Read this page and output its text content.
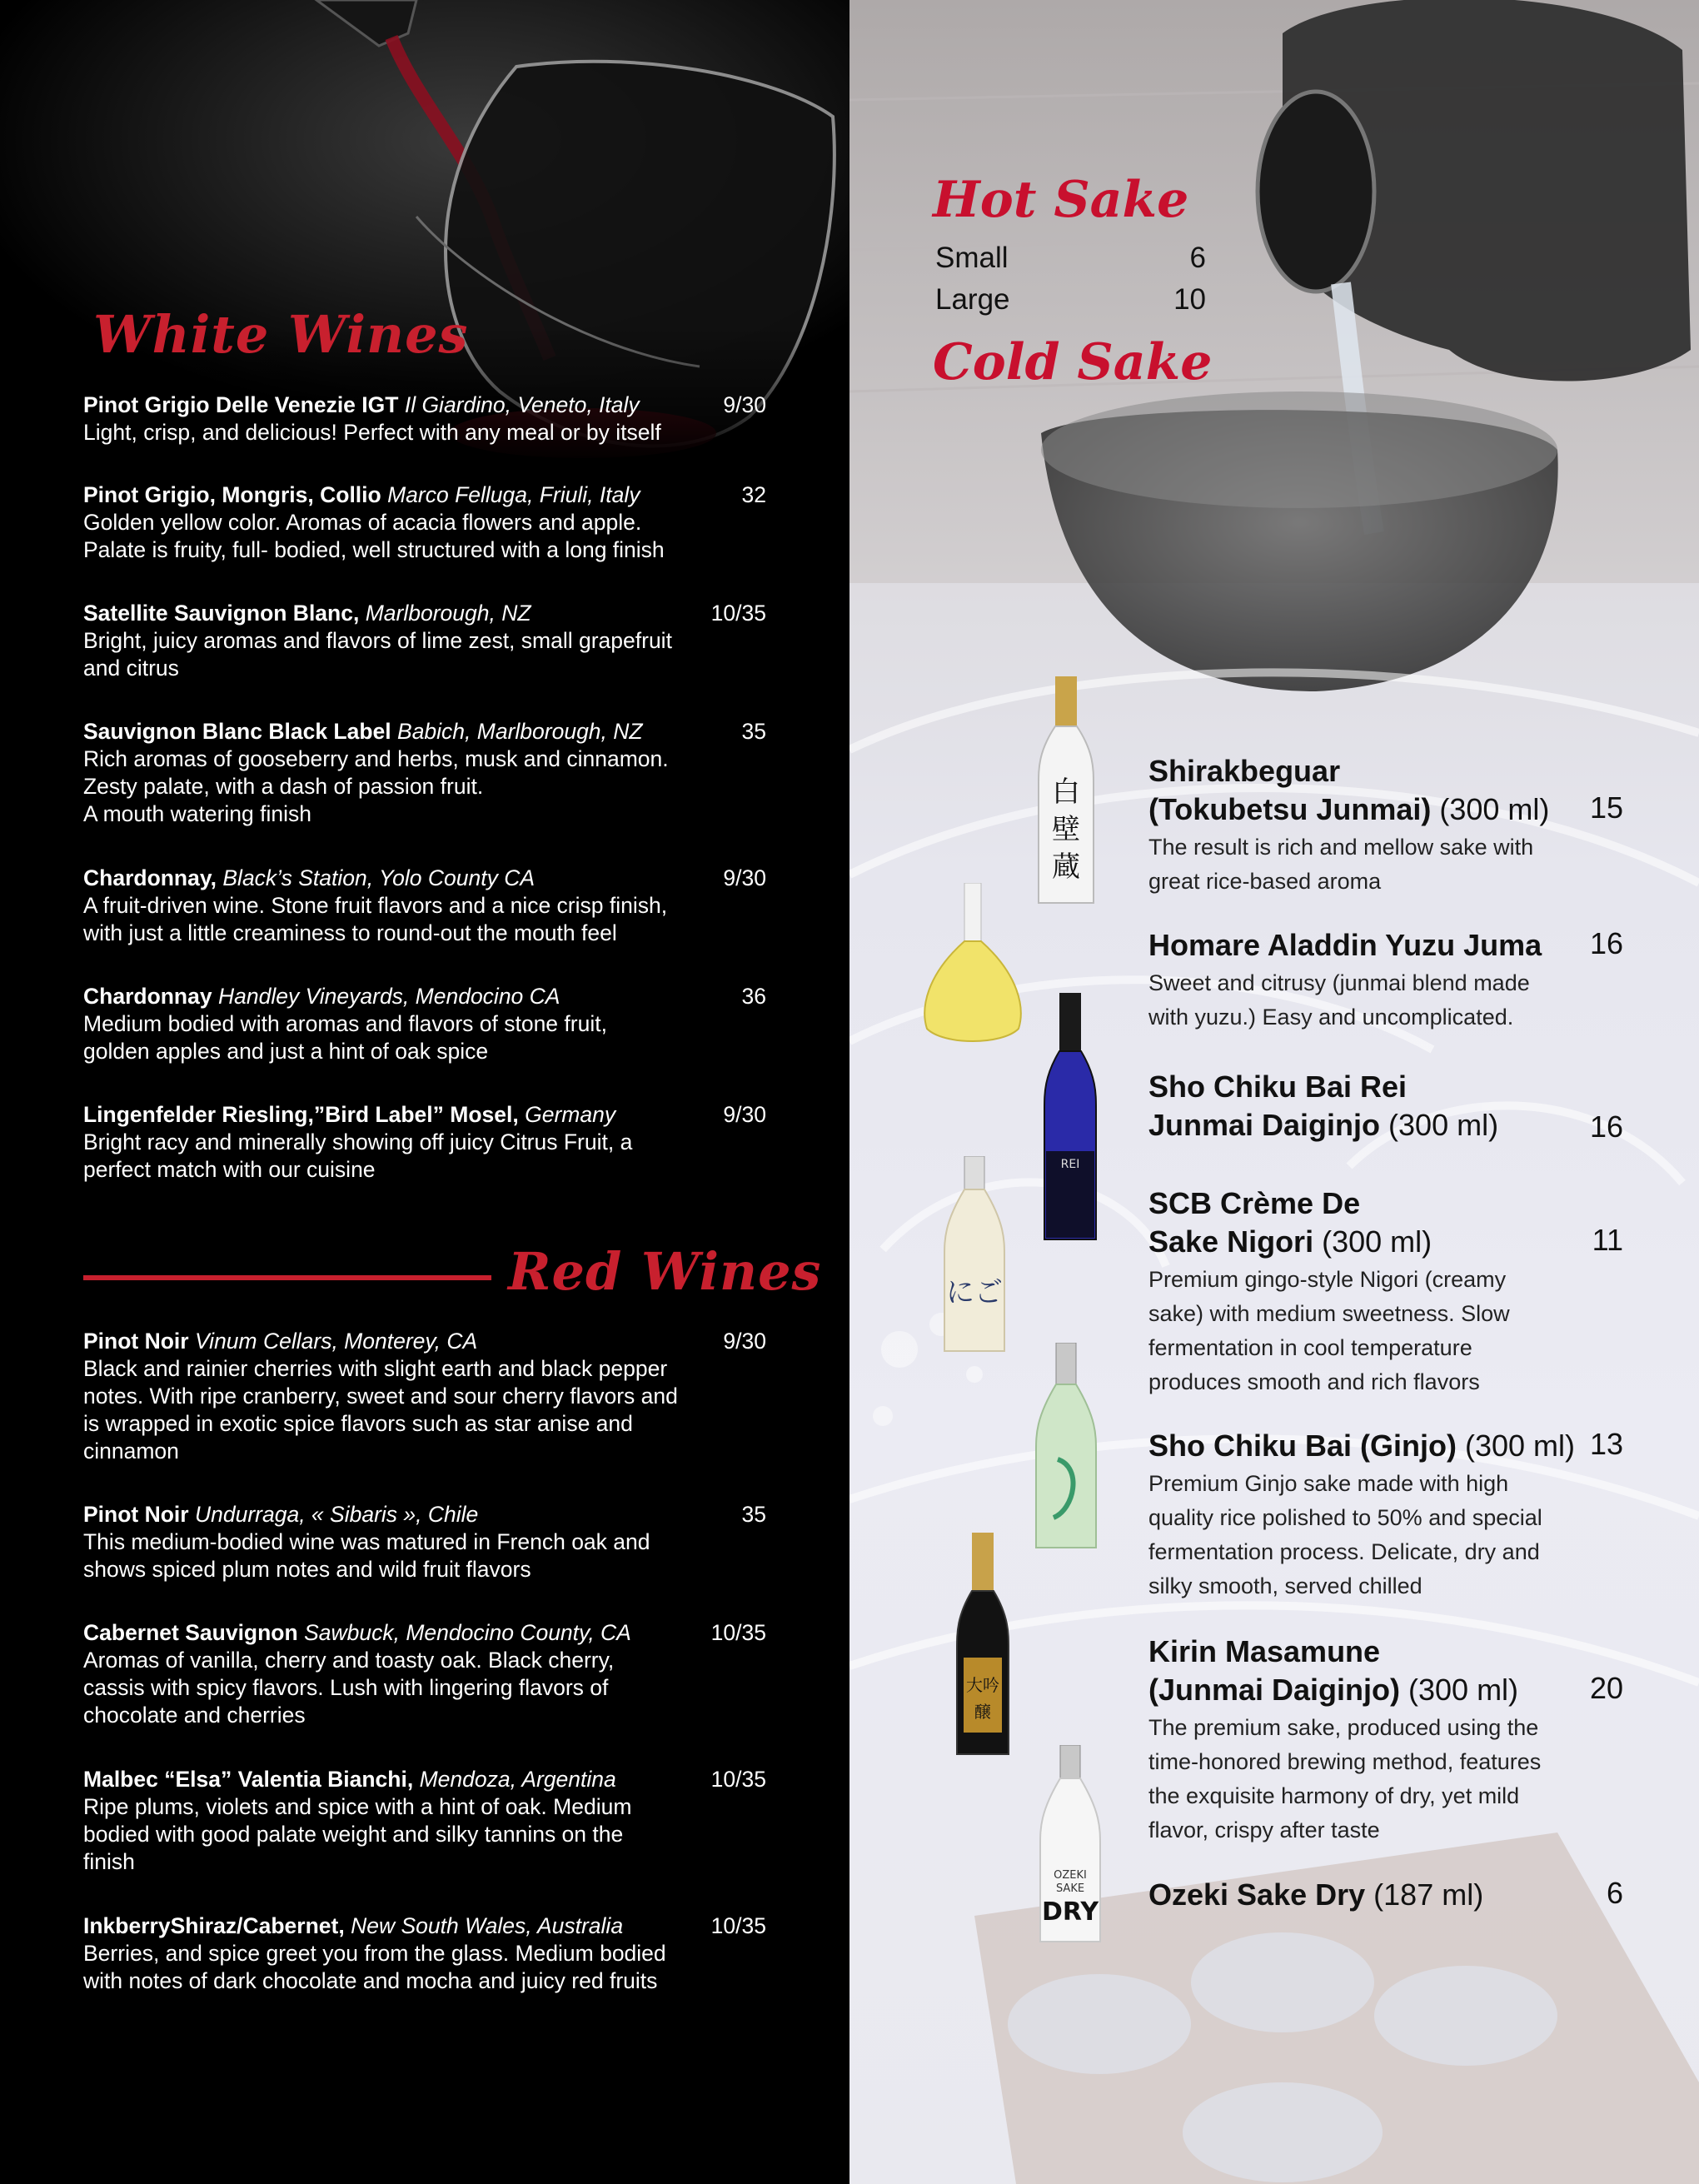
White Wines
Pinot Grigio Delle Venezie IGT Il Giardino, Veneto, Italy	9/30
Light, crisp, and delicious! Perfect with any meal or by itself
Pinot Grigio, Mongris, Collio Marco Felluga, Friuli, Italy	32
Golden yellow color. Aromas of acacia flowers and apple.
Palate is fruity, full- bodied, well structured with a long finish
Satellite Sauvignon Blanc, Marlborough, NZ	10/35
Bright, juicy aromas and flavors of lime zest, small grapefruit
and citrus
Sauvignon Blanc Black Label Babich, Marlborough, NZ	35
Rich aromas of gooseberry and herbs, musk and cinnamon.
Zesty palate, with a dash of passion fruit.
A mouth watering finish
Chardonnay, Black’s Station, Yolo County CA	9/30
A fruit-driven wine. Stone fruit flavors and a nice crisp finish,
with just a little creaminess to round-out the mouth feel
Chardonnay Handley Vineyards, Mendocino CA	36
Medium bodied with aromas and flavors of stone fruit,
golden apples and just a hint of oak spice
Lingenfelder Riesling,”Bird Label” Mosel, Germany	9/30
Bright racy and minerally showing off juicy Citrus Fruit, a
perfect match with our cuisine
Red Wines
Pinot Noir Vinum Cellars, Monterey, CA	9/30
Black and rainier cherries with slight earth and black pepper
notes. With ripe cranberry, sweet and sour cherry flavors and
is wrapped in exotic spice flavors such as star anise and
cinnamon
Pinot Noir Undurraga, « Sibaris », Chile	35
This medium-bodied wine was matured in French oak and
shows spiced plum notes and wild fruit flavors
Cabernet Sauvignon Sawbuck, Mendocino County, CA	10/35
Aromas of vanilla, cherry and toasty oak. Black cherry,
cassis with spicy flavors. Lush with lingering flavors of
chocolate and cherries
Malbec “Elsa” Valentia Bianchi, Mendoza, Argentina	10/35
Ripe plums, violets and spice with a hint of oak. Medium
bodied with good palate weight and silky tannins on the
finish
InkberryShiraz/Cabernet, New South Wales, Australia	10/35
Berries, and spice greet you from the glass. Medium bodied
with notes of dark chocolate and mocha and juicy red fruits
Hot Sake
Small	6
Large	10
Cold Sake
白
壁
蔵
REI
にご
大吟
醸
OZEKI
SAKE
DRY
Shirakbeguar
(Tokubetsu Junmai) (300 ml)	15
The result is rich and mellow sake with
great rice-based aroma
Homare Aladdin Yuzu Juma	16
Sweet and citrusy (junmai blend made
with yuzu.) Easy and uncomplicated.
Sho Chiku Bai Rei
Junmai Daiginjo (300 ml)	16
SCB Crème De
Sake Nigori (300 ml)	11
Premium gingo-style Nigori (creamy
sake) with medium sweetness. Slow
fermentation in cool temperature
produces smooth and rich flavors
Sho Chiku Bai (Ginjo) (300 ml) 13
Premium Ginjo sake made with high
quality rice polished to 50% and special
fermentation process. Delicate, dry and
silky smooth, served chilled
Kirin Masamune
(Junmai Daiginjo) (300 ml)	20
The premium sake, produced using the
time-honored brewing method, features
the exquisite harmony of dry, yet mild
flavor, crispy after taste
Ozeki Sake Dry (187 ml)	6
